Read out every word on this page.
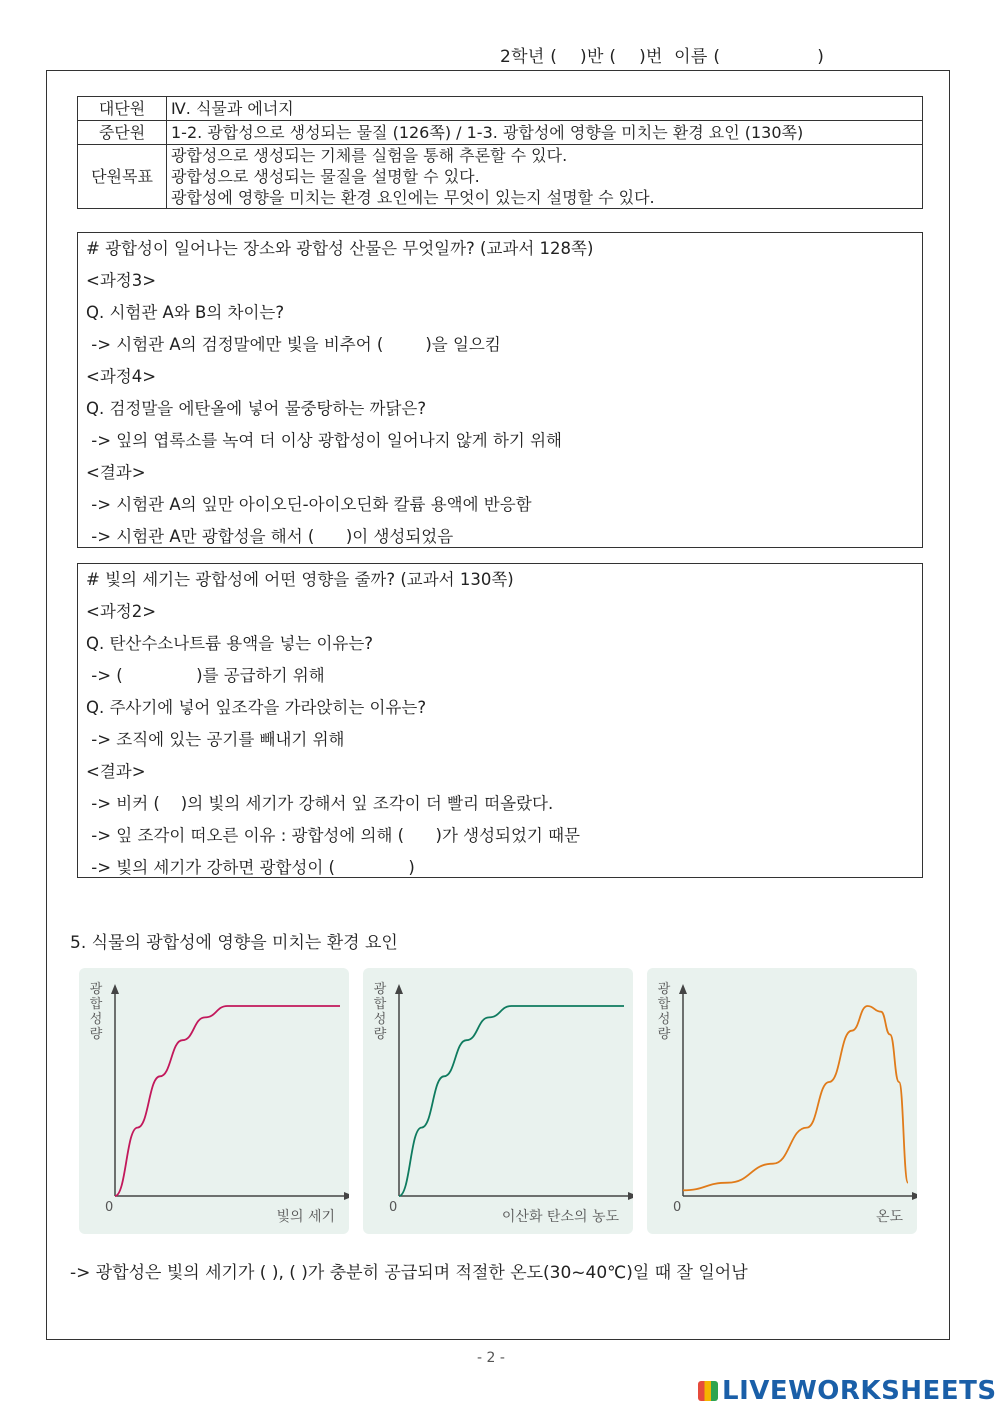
2학년 (    )반 (    )번  이름 (                 )
대단원	Ⅳ. 식물과 에너지
중단원	1-2. 광합성으로 생성되는 물질 (126쪽) / 1-3. 광합성에 영향을 미치는 환경 요인 (130쪽)
단원목표	광합성으로 생성되는 기체를 실험을 통해 추론할 수 있다.
광합성으로 생성되는 물질을 설명할 수 있다.
광합성에 영향을 미치는 환경 요인에는 무엇이 있는지 설명할 수 있다.
# 광합성이 일어나는 장소와 광합성 산물은 무엇일까? (교과서 128쪽)
<과정3>
Q. 시험관 A와 B의 차이는?
-> 시험관 A의 검정말에만 빛을 비추어 (        )을 일으킴
<과정4>
Q. 검정말을 에탄올에 넣어 물중탕하는 까닭은?
-> 잎의 엽록소를 녹여 더 이상 광합성이 일어나지 않게 하기 위해
<결과>
-> 시험관 A의 잎만 아이오딘-아이오딘화 칼륨 용액에 반응함
-> 시험관 A만 광합성을 해서 (      )이 생성되었음
# 빛의 세기는 광합성에 어떤 영향을 줄까? (교과서 130쪽)
<과정2>
Q. 탄산수소나트륨 용액을 넣는 이유는?
-> (              )를 공급하기 위해
Q. 주사기에 넣어 잎조각을 가라앉히는 이유는?
-> 조직에 있는 공기를 빼내기 위해
<결과>
-> 비커 (    )의 빛의 세기가 강해서 잎 조각이 더 빨리 떠올랐다.
-> 잎 조각이 떠오른 이유 : 광합성에 의해 (      )가 생성되었기 때문
-> 빛의 세기가 강하면 광합성이 (              )
5. 식물의 광합성에 영향을 미치는 환경 요인
광합성량
0
빛의 세기
광합성량
0
이산화 탄소의 농도
광합성량
0
온도
-> 광합성은 빛의 세기가 ( ), ( )가 충분히 공급되며 적절한 온도(30~40℃)일 때 잘 일어남
- 2 -
LIVEWORKSHEETS
